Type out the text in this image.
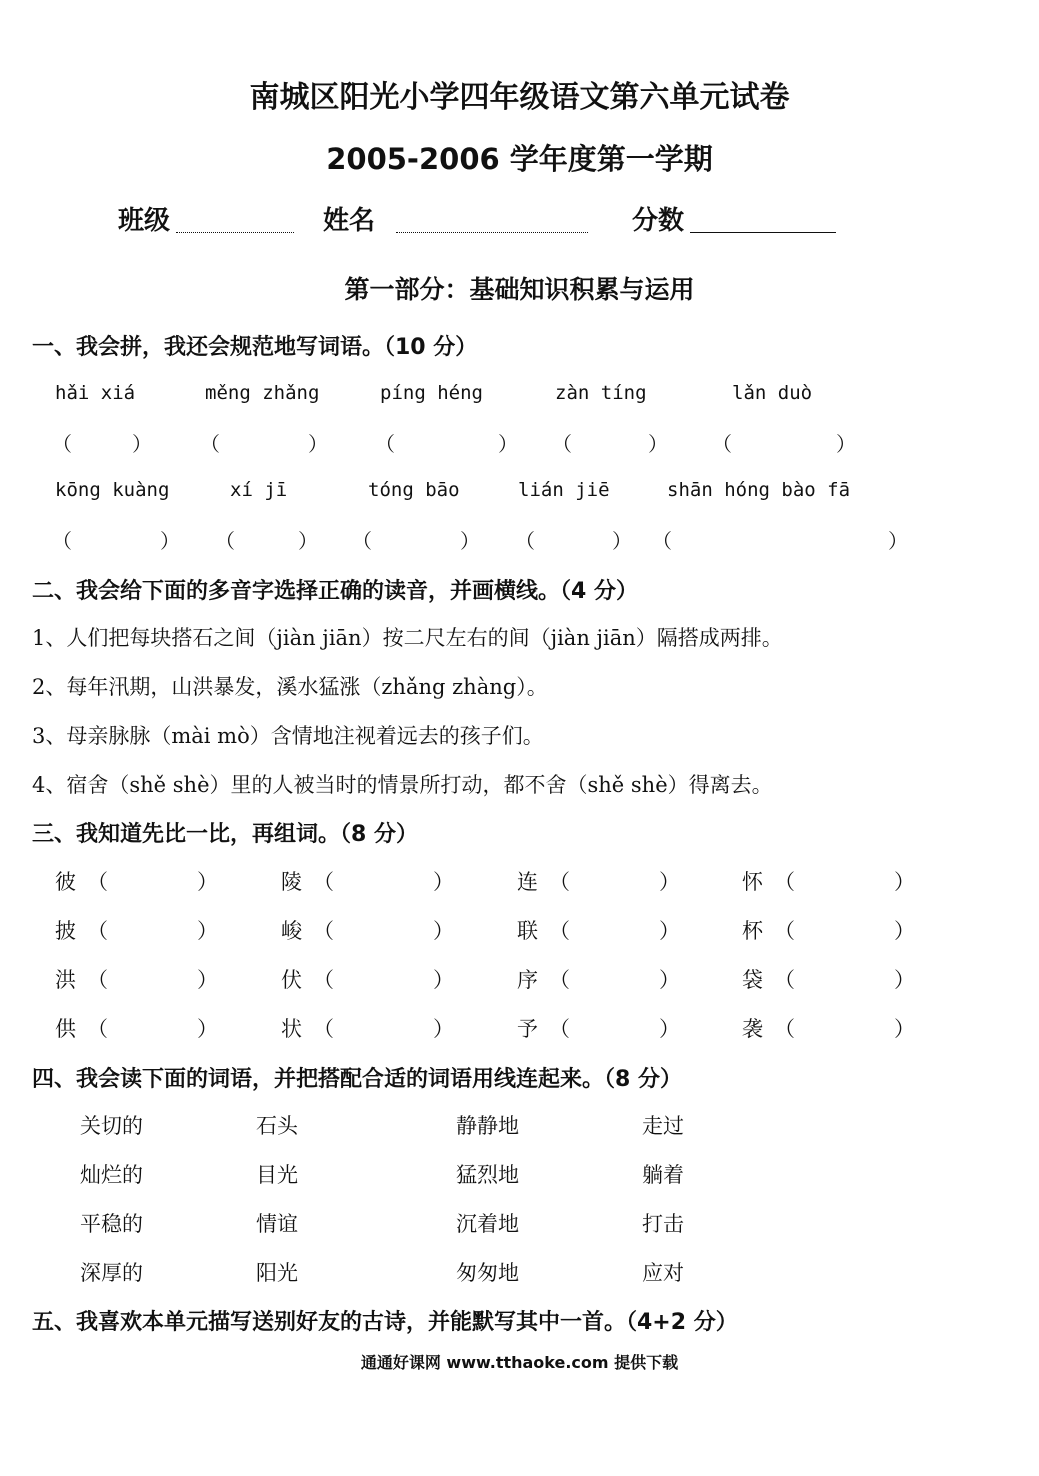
南城区阳光小学四年级语文第六单元试卷
2005-2006 学年度第一学期
班级	姓名	分数
第一部分：基础知识积累与运用
一、我会拼，我还会规范地写词语。（10 分）
hǎi xiá	měng zhǎng	píng héng	zàn tíng	lǎn duò
（	） （	） （	） （	） （	）
kōng kuàng	xí jī	tóng bāo	lián jiē	shān hóng bào fā
（	） （	） （	） （	） （	）
二、我会给下面的多音字选择正确的读音，并画横线。（4 分）
1、人们把每块搭石之间（jiàn jiān）按二尺左右的间（jiàn jiān）隔搭成两排。
2、每年汛期，山洪暴发，溪水猛涨（zhǎng zhàng）。
3、母亲脉脉（mài mò）含情地注视着远去的孩子们。
4、宿舍（shě shè）里的人被当时的情景所打动，都不舍（shě shè）得离去。
三、我知道先比一比，再组词。（8 分）
彼 （	）	陵 （	）	连 （	）	怀 （	）
披 （	）	峻 （	）	联 （	）	杯 （	）
洪 （	）	伏 （	）	序 （	）	袋 （	）
供 （	）	状 （	）	予 （	）	袭 （	）
四、我会读下面的词语，并把搭配合适的词语用线连起来。（8 分）
关切的	石头	静静地	走过
灿烂的	目光	猛烈地	躺着
平稳的	情谊	沉着地	打击
深厚的	阳光	匆匆地	应对
五、我喜欢本单元描写送别好友的古诗，并能默写其中一首。（4+2 分）
通通好课网 www.tthaoke.com 提供下载
